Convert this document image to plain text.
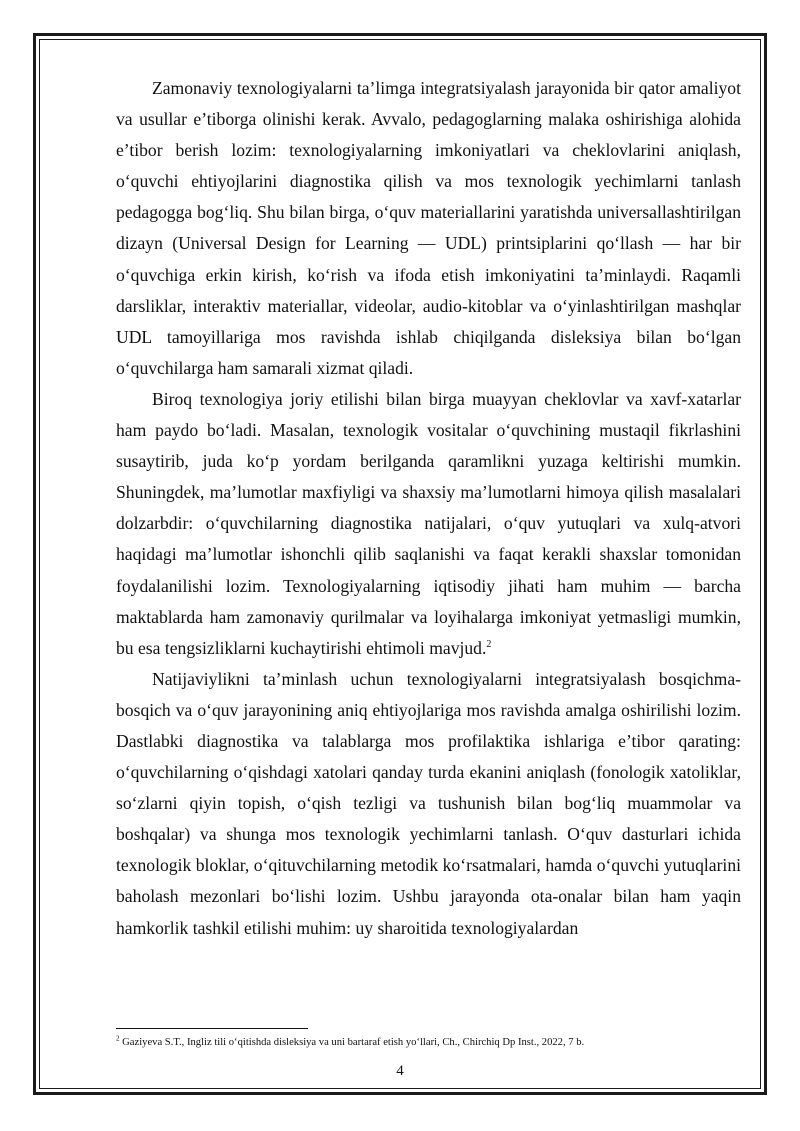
Zamonaviy texnologiyalarni ta’limga integratsiyalash jarayonida bir qator amaliyot va usullar e’tiborga olinishi kerak. Avvalo, pedagoglarning malaka oshirishiga alohida e’tibor berish lozim: texnologiyalarning imkoniyatlari va cheklovlarini aniqlash, o‘quvchi ehtiyojlarini diagnostika qilish va mos texnologik yechimlarni tanlash pedagogga bog‘liq. Shu bilan birga, o‘quv materiallarini yaratishda universallashtirilgan dizayn (Universal Design for Learning — UDL) printsiplarini qo‘llash — har bir o‘quvchiga erkin kirish, ko‘rish va ifoda etish imkoniyatini ta’minlaydi. Raqamli darsliklar, interaktiv materiallar, videolar, audio-kitoblar va o‘yinlashtirilgan mashqlar UDL tamoyillariga mos ravishda ishlab chiqilganda disleksiya bilan bo‘lgan o‘quvchilarga ham samarali xizmat qiladi.

Biroq texnologiya joriy etilishi bilan birga muayyan cheklovlar va xavf-xatarlar ham paydo bo‘ladi. Masalan, texnologik vositalar o‘quvchining mustaqil fikrlashini susaytirib, juda ko‘p yordam berilganda qaramlikni yuzaga keltirishi mumkin. Shuningdek, ma’lumotlar maxfiyligi va shaxsiy ma’lumotlarni himoya qilish masalalari dolzarbdir: o‘quvchilarning diagnostika natijalari, o‘quv yutuqlari va xulq-atvori haqidagi ma’lumotlar ishonchli qilib saqlanishi va faqat kerakli shaxslar tomonidan foydalanilishi lozim. Texnologiyalarning iqtisodiy jihati ham muhim — barcha maktablarda ham zamonaviy qurilmalar va loyihalarga imkoniyat yetmasligi mumkin, bu esa tengsizliklarni kuchaytirishi ehtimoli mavjud.$^2$

Natijaviylikni ta’minlash uchun texnologiyalarni integratsiyalash bosqichma-bosqich va o‘quv jarayonining aniq ehtiyojlariga mos ravishda amalga oshirilishi lozim. Dastlabki diagnostika va talablarga mos profilaktika ishlariga e’tibor qarating: o‘quvchilarning o‘qishdagi xatolari qanday turda ekanini aniqlash (fonologik xatoliklar, so‘zlarni qiyin topish, o‘qish tezligi va tushunish bilan bog‘liq muammolar va boshqalar) va shunga mos texnologik yechimlarni tanlash. O‘quv dasturlari ichida texnologik bloklar, o‘qituvchilarning metodik ko‘rsatmalari, hamda o‘quvchi yutuqlarini baholash mezonlari bo‘lishi lozim. Ushbu jarayonda ota-onalar bilan ham yaqin hamkorlik tashkil etilishi muhim: uy sharoitida texnologiyalardan

$^2$ Gaziyeva S.T., Ingliz tili o‘qitishda disleksiya va uni bartaraf etish yo‘llari, Ch., Chirchiq Dp Inst., 2022, 7 b.
4
